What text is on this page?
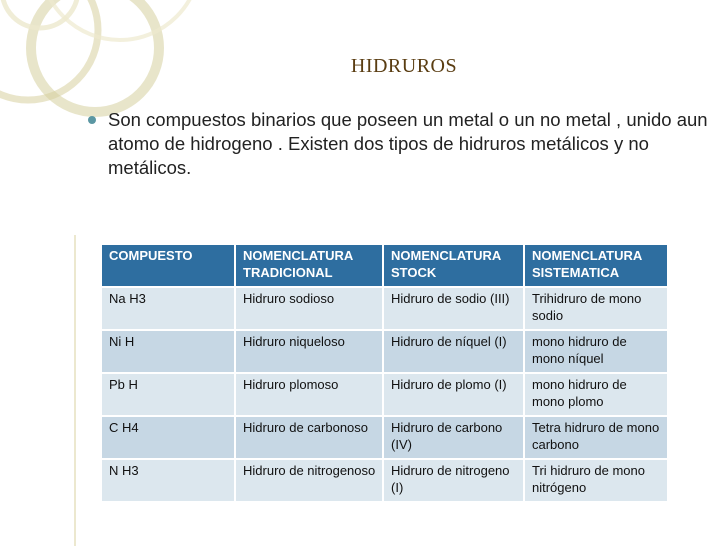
HIDRUROS
Son compuestos binarios que poseen un metal o un no metal , unido aun atomo de hidrogeno . Existen dos tipos de hidruros metálicos y no metálicos.
COMPUESTO	NOMENCLATURA TRADICIONAL	NOMENCLATURA STOCK	NOMENCLATURA SISTEMATICA
Na H3	Hidruro sodioso	Hidruro de sodio (III)	Trihidruro de mono sodio
Ni H	Hidruro niqueloso	Hidruro de níquel (I)	mono hidruro de mono níquel
Pb H	Hidruro plomoso	Hidruro de plomo (I)	mono hidruro de mono plomo
C H4	Hidruro de carbonoso	Hidruro de carbono (IV)	Tetra hidruro de mono carbono
N H3	Hidruro de nitrogenoso	Hidruro de nitrogeno (I)	Tri hidruro de mono nitrógeno
